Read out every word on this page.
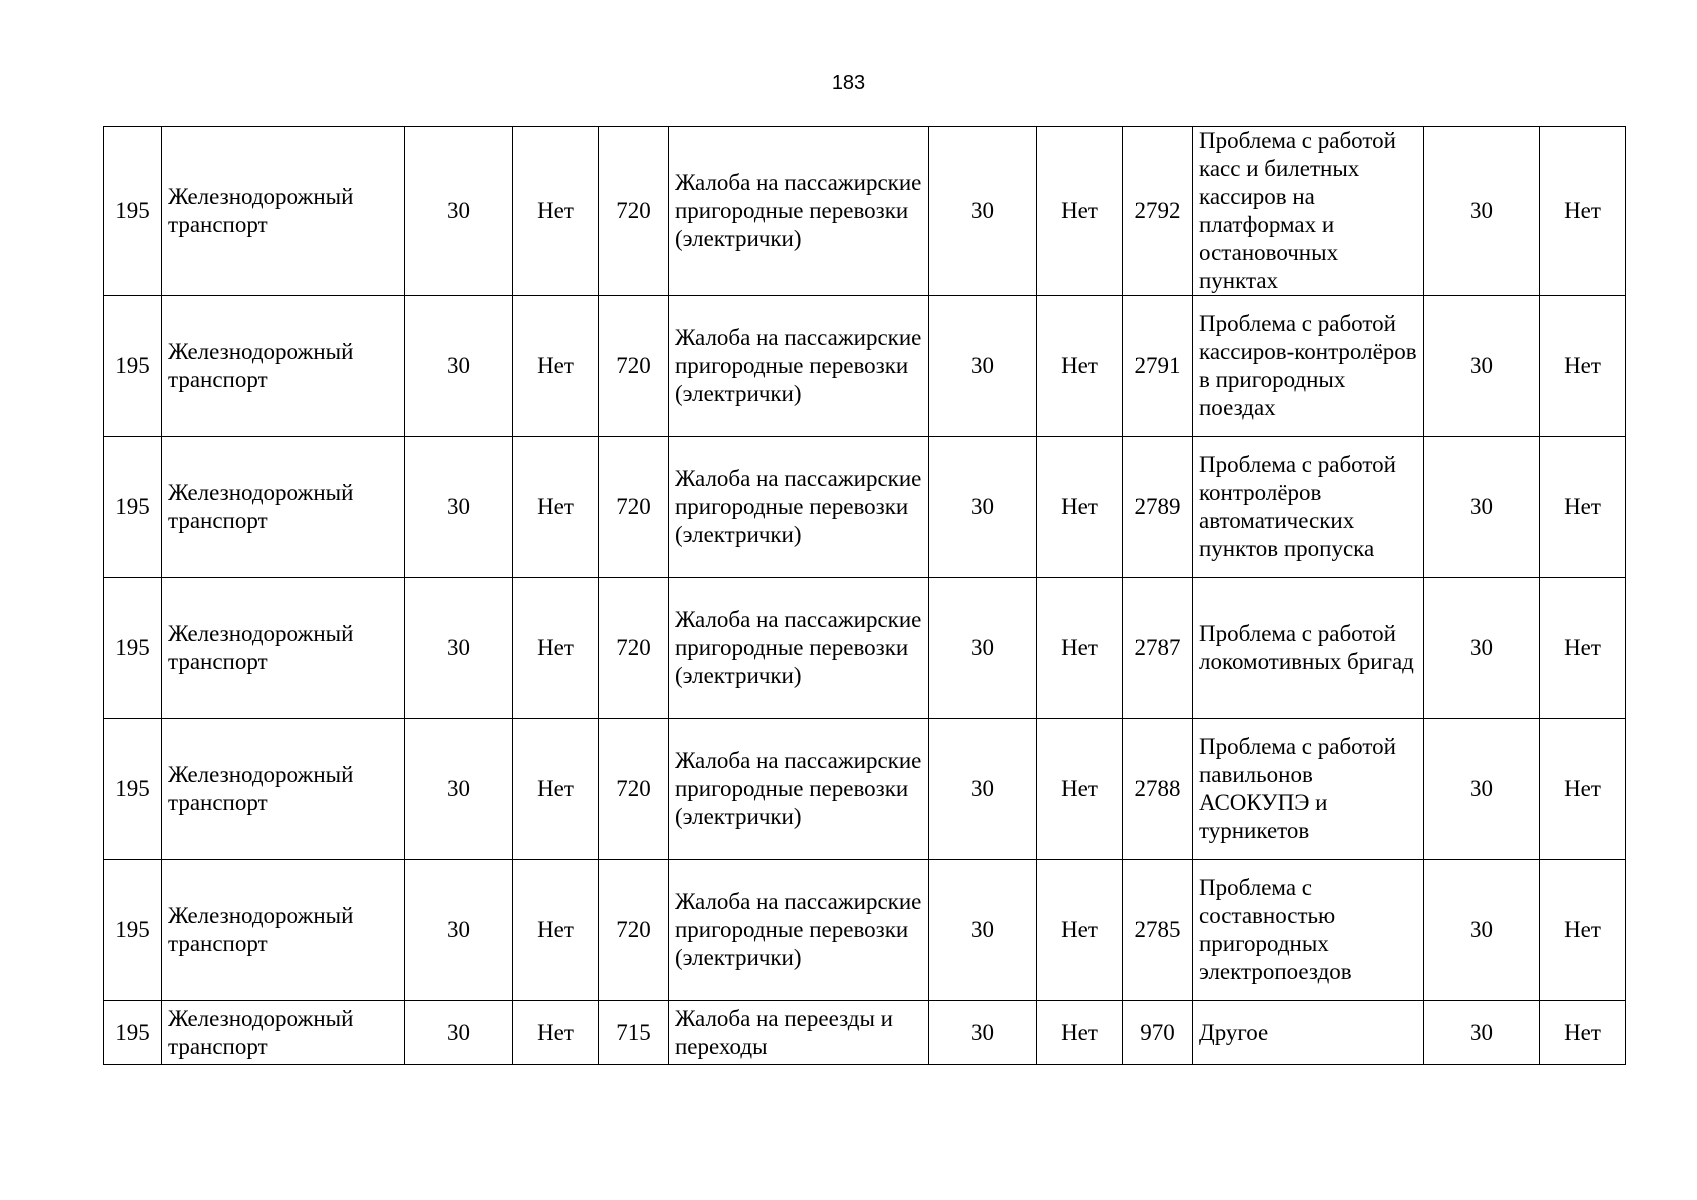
183
195	Железнодорожный транспорт	30	Нет	720	Жалоба на пассажирские пригородные перевозки (электрички)	30	Нет	2792	Проблема с работой касс и билетных кассиров на платформах и остановочных пунктах	30	Нет
195	Железнодорожный транспорт	30	Нет	720	Жалоба на пассажирские пригородные перевозки (электрички)	30	Нет	2791	Проблема с работой кассиров-контролёров в пригородных поездах	30	Нет
195	Железнодорожный транспорт	30	Нет	720	Жалоба на пассажирские пригородные перевозки (электрички)	30	Нет	2789	Проблема с работой контролёров автоматических пунктов пропуска	30	Нет
195	Железнодорожный транспорт	30	Нет	720	Жалоба на пассажирские пригородные перевозки (электрички)	30	Нет	2787	Проблема с работой локомотивных бригад	30	Нет
195	Железнодорожный транспорт	30	Нет	720	Жалоба на пассажирские пригородные перевозки (электрички)	30	Нет	2788	Проблема с работой павильонов АСОКУПЭ и турникетов	30	Нет
195	Железнодорожный транспорт	30	Нет	720	Жалоба на пассажирские пригородные перевозки (электрички)	30	Нет	2785	Проблема с составностью пригородных электропоездов	30	Нет
195	Железнодорожный транспорт	30	Нет	715	Жалоба на переезды и переходы	30	Нет	970	Другое	30	Нет
